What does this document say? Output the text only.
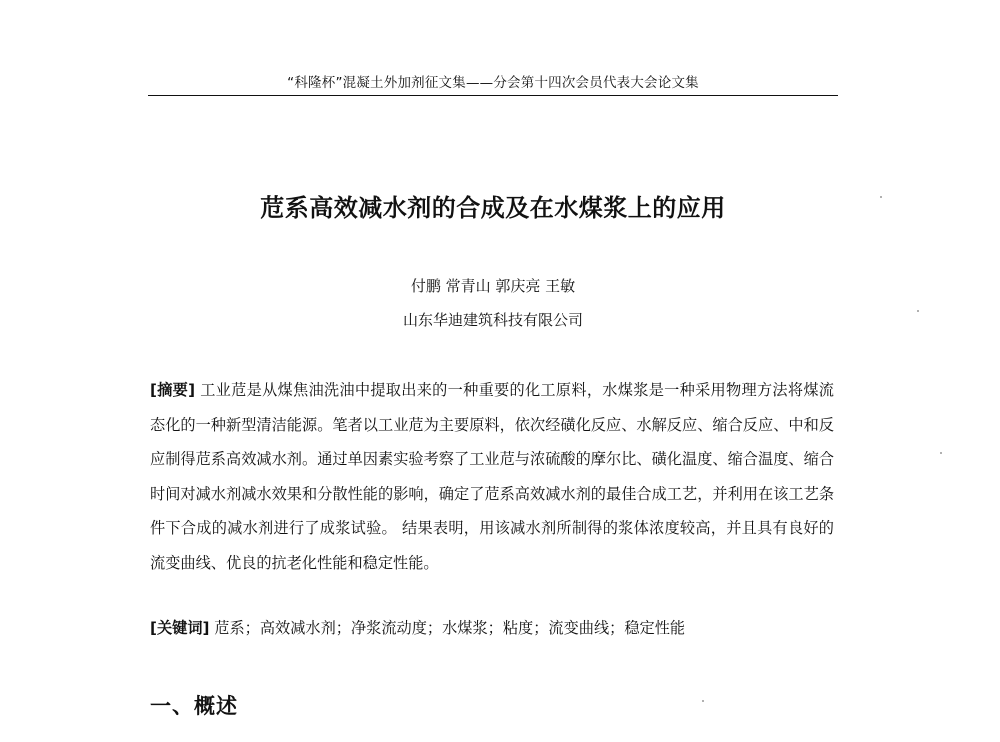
“科隆杯”混凝土外加剂征文集——分会第十四次会员代表大会论文集
苊系高效减水剂的合成及在水煤浆上的应用
付鹏 常青山 郭庆亮 王敏
山东华迪建筑科技有限公司
[摘要] 工业苊是从煤焦油洗油中提取出来的一种重要的化工原料，水煤浆是一种采用物理方法将煤流态化的一种新型清洁能源。笔者以工业苊为主要原料，依次经磺化反应、水解反应、缩合反应、中和反应制得苊系高效减水剂。通过单因素实验考察了工业苊与浓硫酸的摩尔比、磺化温度、缩合温度、缩合时间对减水剂减水效果和分散性能的影响，确定了苊系高效减水剂的最佳合成工艺，并利用在该工艺条件下合成的减水剂进行了成浆试验。 结果表明，用该减水剂所制得的浆体浓度较高，并且具有良好的流变曲线、优良的抗老化性能和稳定性能。
[关键词] 苊系；高效减水剂；净浆流动度；水煤浆；粘度；流变曲线；稳定性能
一、概述
